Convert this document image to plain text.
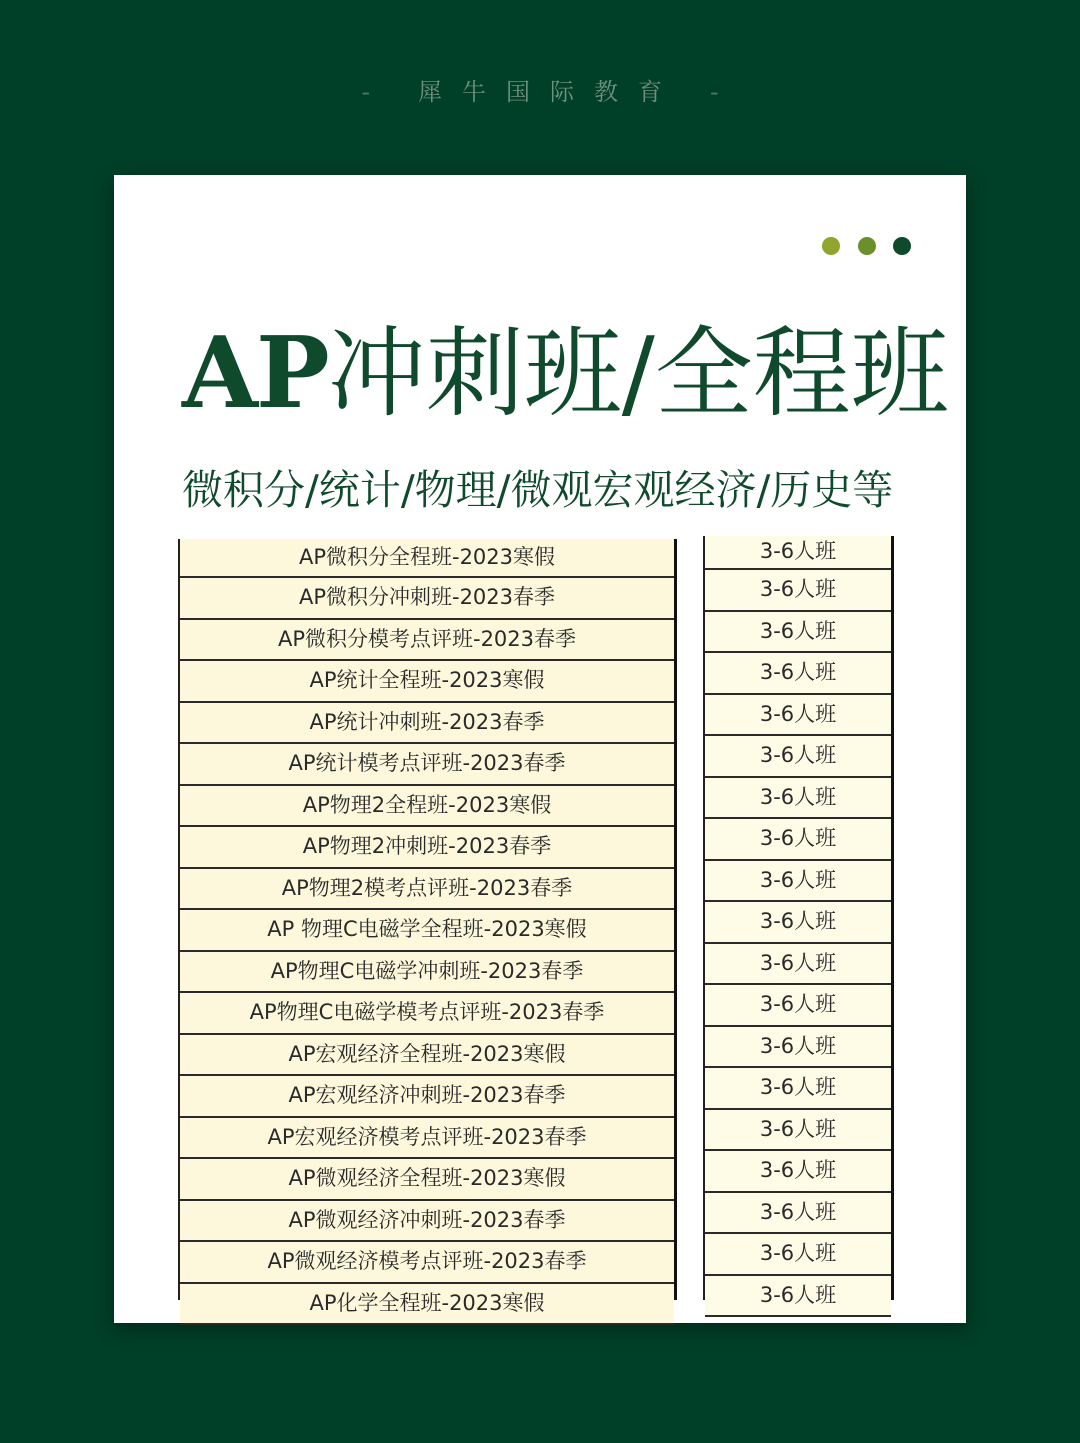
- 犀牛国际教育 -
AP冲刺班/全程班
微积分/统计/物理/微观宏观经济/历史等
AP微积分全程班-2023寒假
AP微积分冲刺班-2023春季
AP微积分模考点评班-2023春季
AP统计全程班-2023寒假
AP统计冲刺班-2023春季
AP统计模考点评班-2023春季
AP物理2全程班-2023寒假
AP物理2冲刺班-2023春季
AP物理2模考点评班-2023春季
AP 物理C电磁学全程班-2023寒假
AP物理C电磁学冲刺班-2023春季
AP物理C电磁学模考点评班-2023春季
AP宏观经济全程班-2023寒假
AP宏观经济冲刺班-2023春季
AP宏观经济模考点评班-2023春季
AP微观经济全程班-2023寒假
AP微观经济冲刺班-2023春季
AP微观经济模考点评班-2023春季
AP化学全程班-2023寒假
3-6人班
3-6人班
3-6人班
3-6人班
3-6人班
3-6人班
3-6人班
3-6人班
3-6人班
3-6人班
3-6人班
3-6人班
3-6人班
3-6人班
3-6人班
3-6人班
3-6人班
3-6人班
3-6人班
